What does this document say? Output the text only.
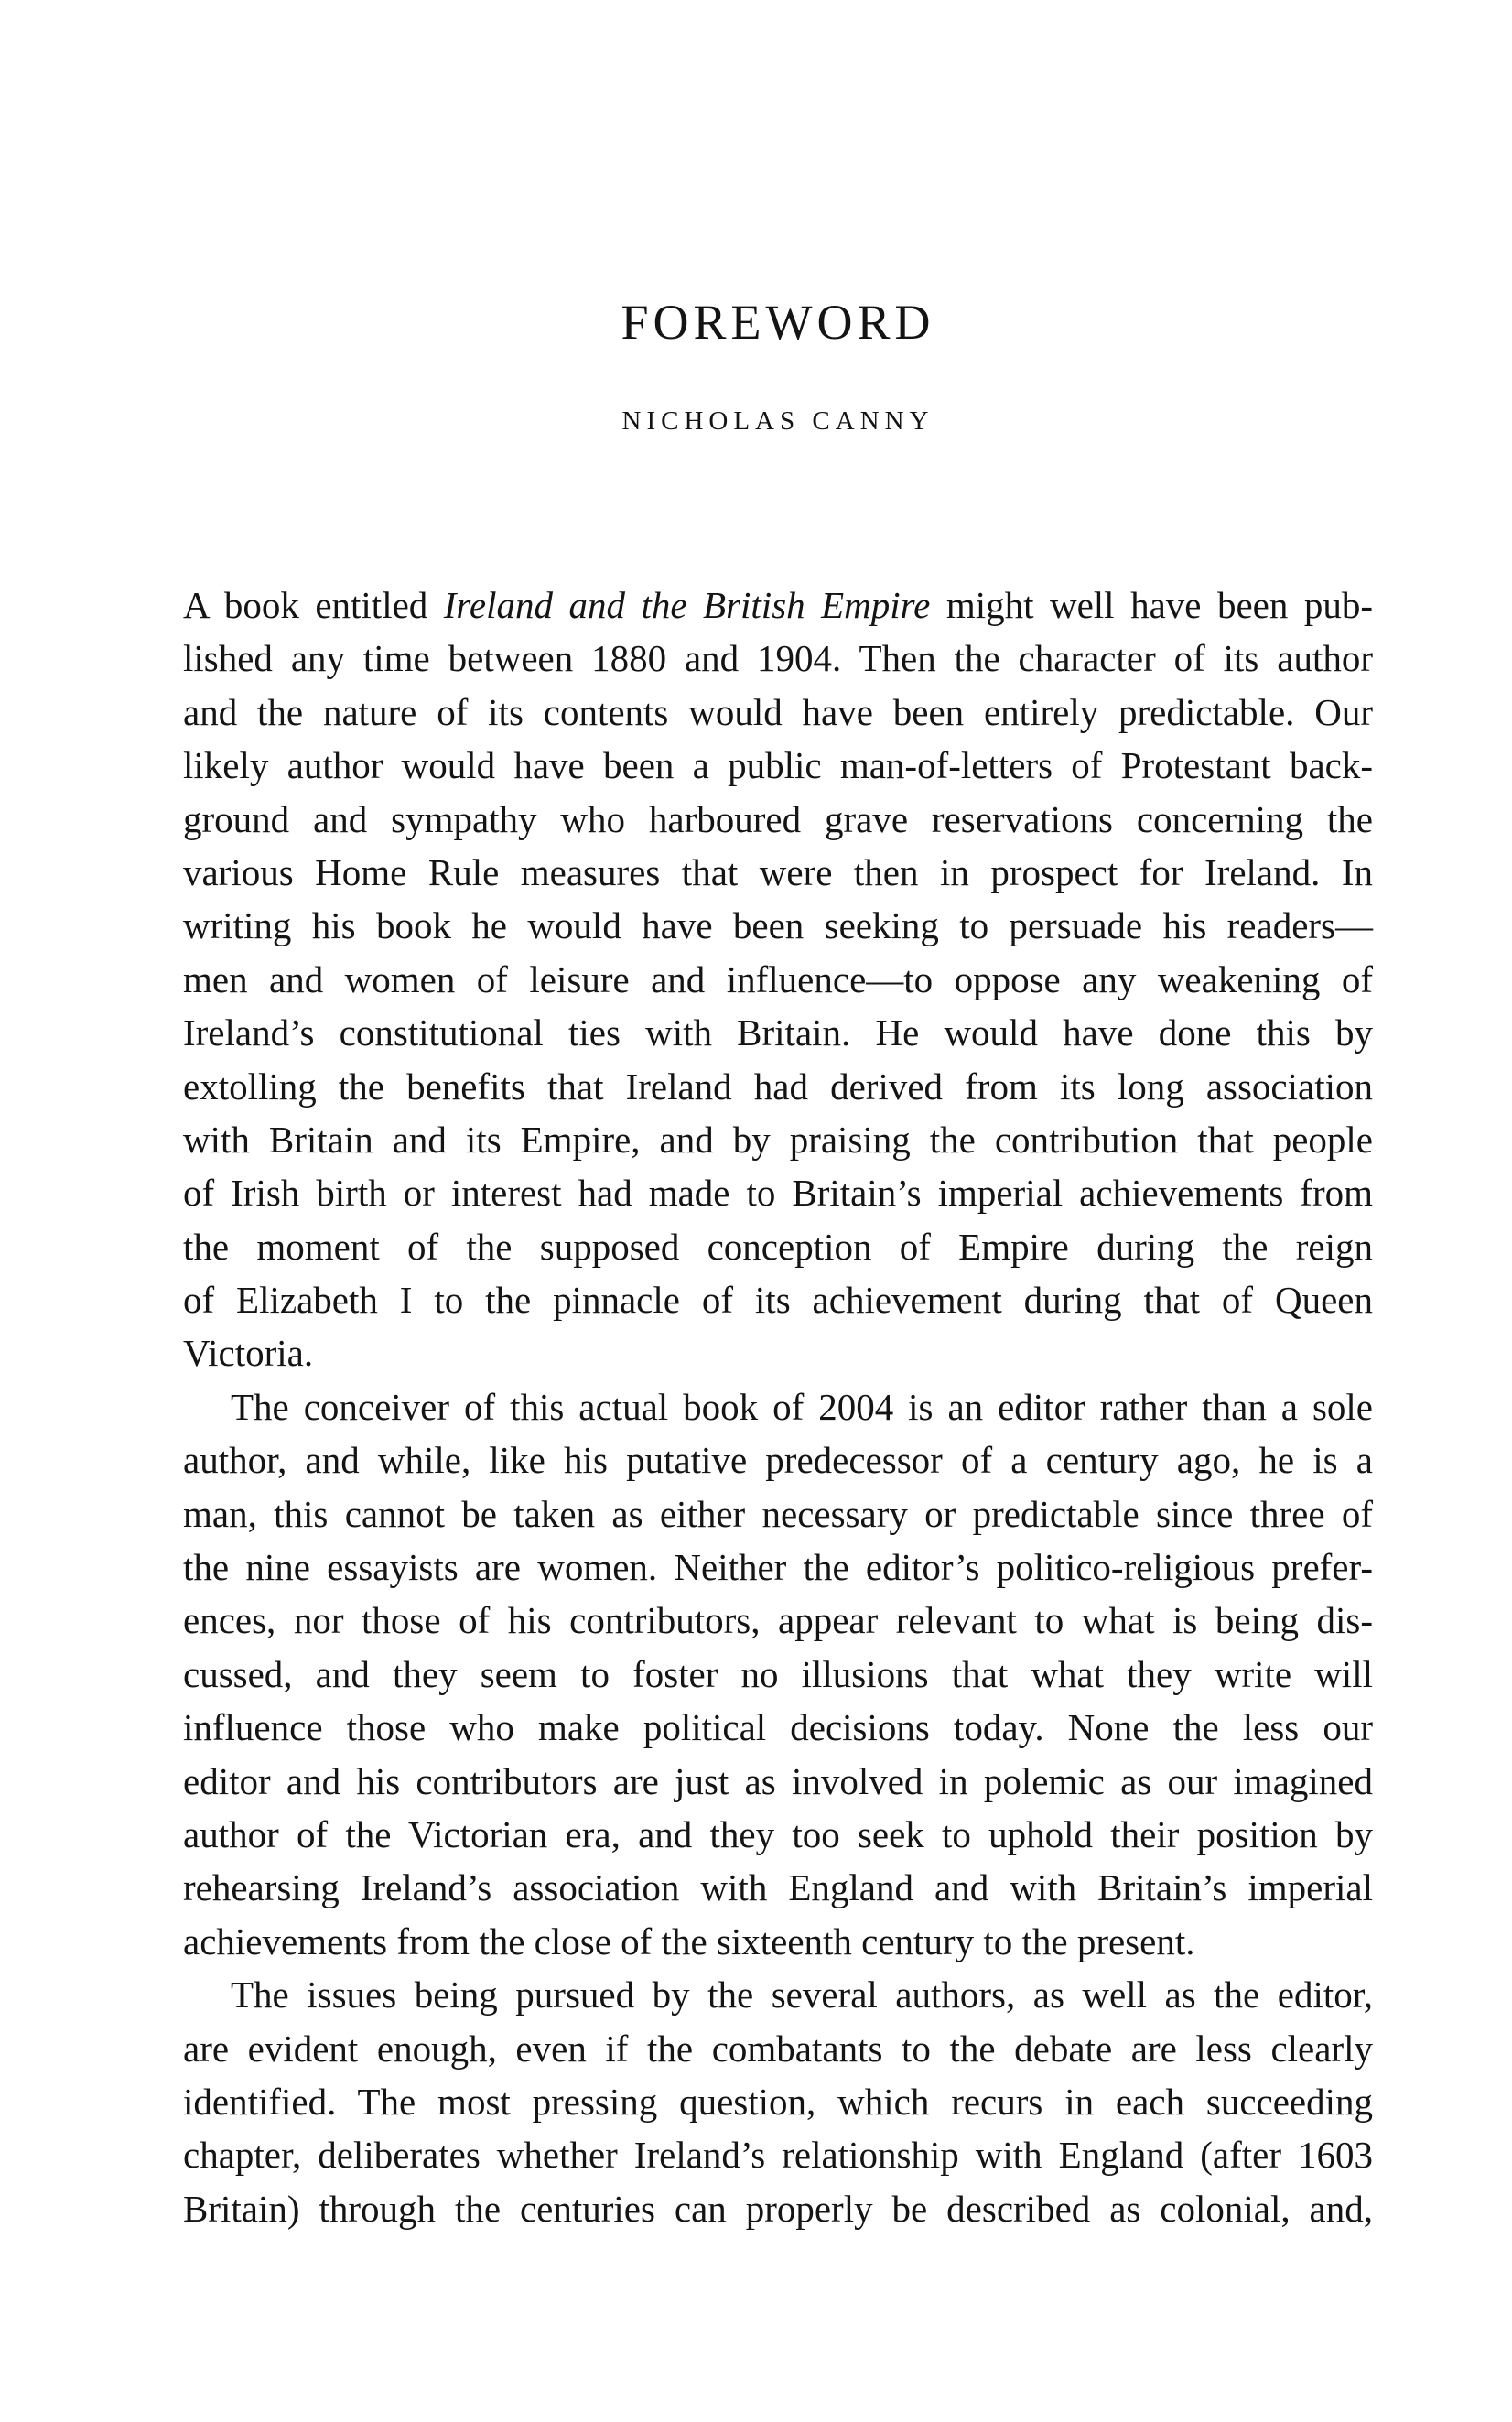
FOREWORD
NICHOLAS CANNY
A book entitled Ireland and the British Empire might well have been pub-
lished any time between 1880 and 1904. Then the character of its author
and the nature of its contents would have been entirely predictable. Our
likely author would have been a public man-of-letters of Protestant back-
ground and sympathy who harboured grave reservations concerning the
various Home Rule measures that were then in prospect for Ireland. In
writing his book he would have been seeking to persuade his readers—
men and women of leisure and influence—to oppose any weakening of
Ireland’s constitutional ties with Britain. He would have done this by
extolling the benefits that Ireland had derived from its long association
with Britain and its Empire, and by praising the contribution that people
of Irish birth or interest had made to Britain’s imperial achievements from
the moment of the supposed conception of Empire during the reign
of Elizabeth I to the pinnacle of its achievement during that of Queen
Victoria.
The conceiver of this actual book of 2004 is an editor rather than a sole
author, and while, like his putative predecessor of a century ago, he is a
man, this cannot be taken as either necessary or predictable since three of
the nine essayists are women. Neither the editor’s politico-religious prefer-
ences, nor those of his contributors, appear relevant to what is being dis-
cussed, and they seem to foster no illusions that what they write will
influence those who make political decisions today. None the less our
editor and his contributors are just as involved in polemic as our imagined
author of the Victorian era, and they too seek to uphold their position by
rehearsing Ireland’s association with England and with Britain’s imperial
achievements from the close of the sixteenth century to the present.
The issues being pursued by the several authors, as well as the editor,
are evident enough, even if the combatants to the debate are less clearly
identified. The most pressing question, which recurs in each succeeding
chapter, deliberates whether Ireland’s relationship with England (after 1603
Britain) through the centuries can properly be described as colonial, and,
